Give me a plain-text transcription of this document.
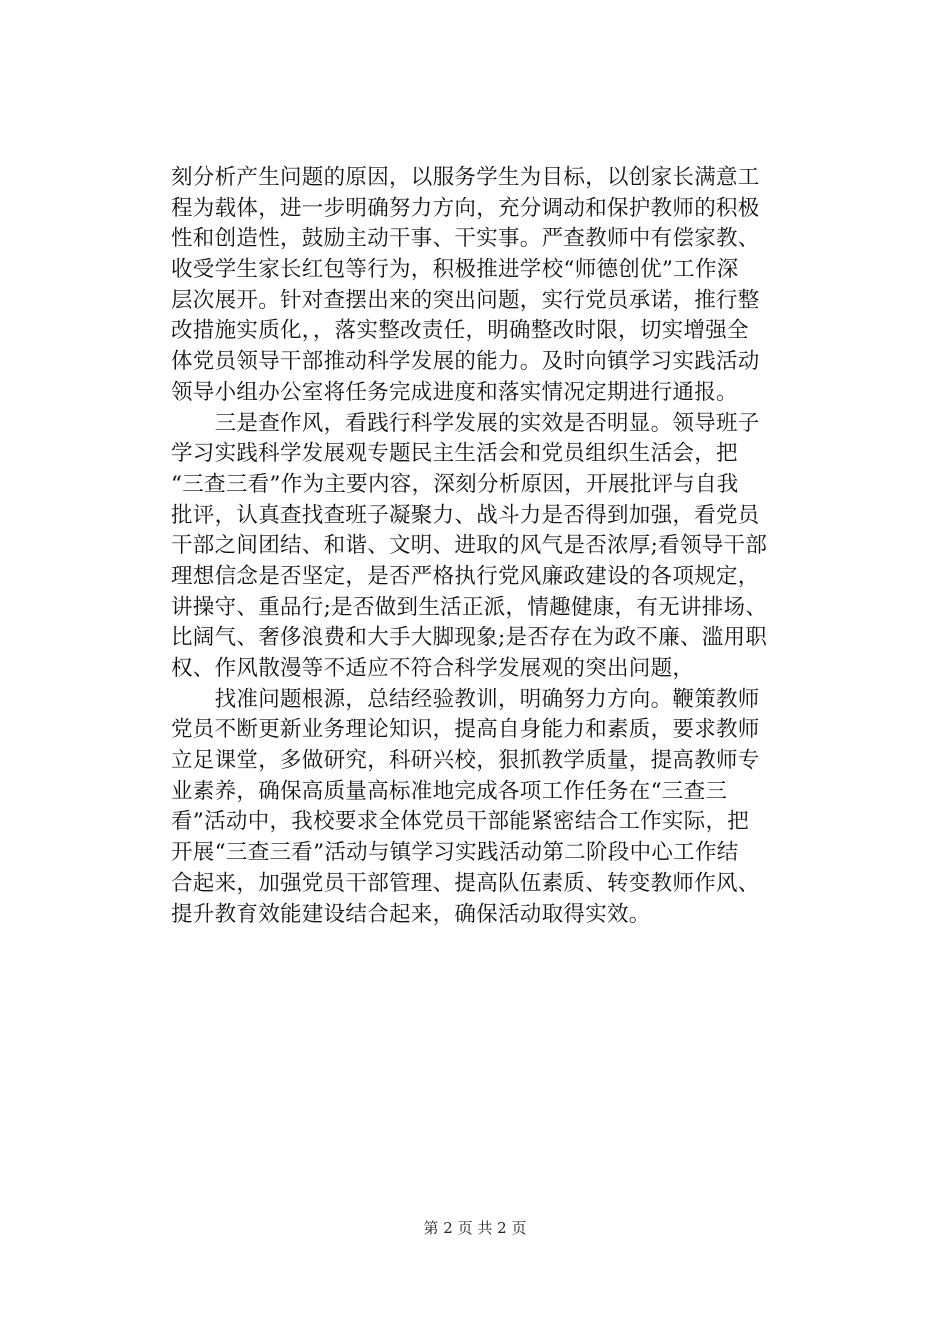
刻分析产生问题的原因，以服务学生为目标，以创家长满意工
程为载体，进一步明确努力方向，充分调动和保护教师的积极
性和创造性，鼓励主动干事、干实事。严查教师中有偿家教、
收受学生家长红包等行为，积极推进学校“师德创优”工作深
层次展开。针对查摆出来的突出问题，实行党员承诺，推行整
改措施实质化，，落实整改责任，明确整改时限，切实增强全
体党员领导干部推动科学发展的能力。及时向镇学习实践活动
领导小组办公室将任务完成进度和落实情况定期进行通报。
　　三是查作风，看践行科学发展的实效是否明显。领导班子
学习实践科学发展观专题民主生活会和党员组织生活会，把
“三查三看”作为主要内容，深刻分析原因，开展批评与自我
批评，认真查找查班子凝聚力、战斗力是否得到加强，看党员
干部之间团结、和谐、文明、进取的风气是否浓厚;看领导干部
理想信念是否坚定，是否严格执行党风廉政建设的各项规定，
讲操守、重品行;是否做到生活正派，情趣健康，有无讲排场、
比阔气、奢侈浪费和大手大脚现象;是否存在为政不廉、滥用职
权、作风散漫等不适应不符合科学发展观的突出问题，
　　找准问题根源，总结经验教训，明确努力方向。鞭策教师
党员不断更新业务理论知识，提高自身能力和素质，要求教师
立足课堂，多做研究，科研兴校，狠抓教学质量，提高教师专
业素养，确保高质量高标准地完成各项工作任务在“三查三
看”活动中，我校要求全体党员干部能紧密结合工作实际，把
开展“三查三看”活动与镇学习实践活动第二阶段中心工作结
合起来，加强党员干部管理、提高队伍素质、转变教师作风、
提升教育效能建设结合起来，确保活动取得实效。
第 2 页 共 2 页
